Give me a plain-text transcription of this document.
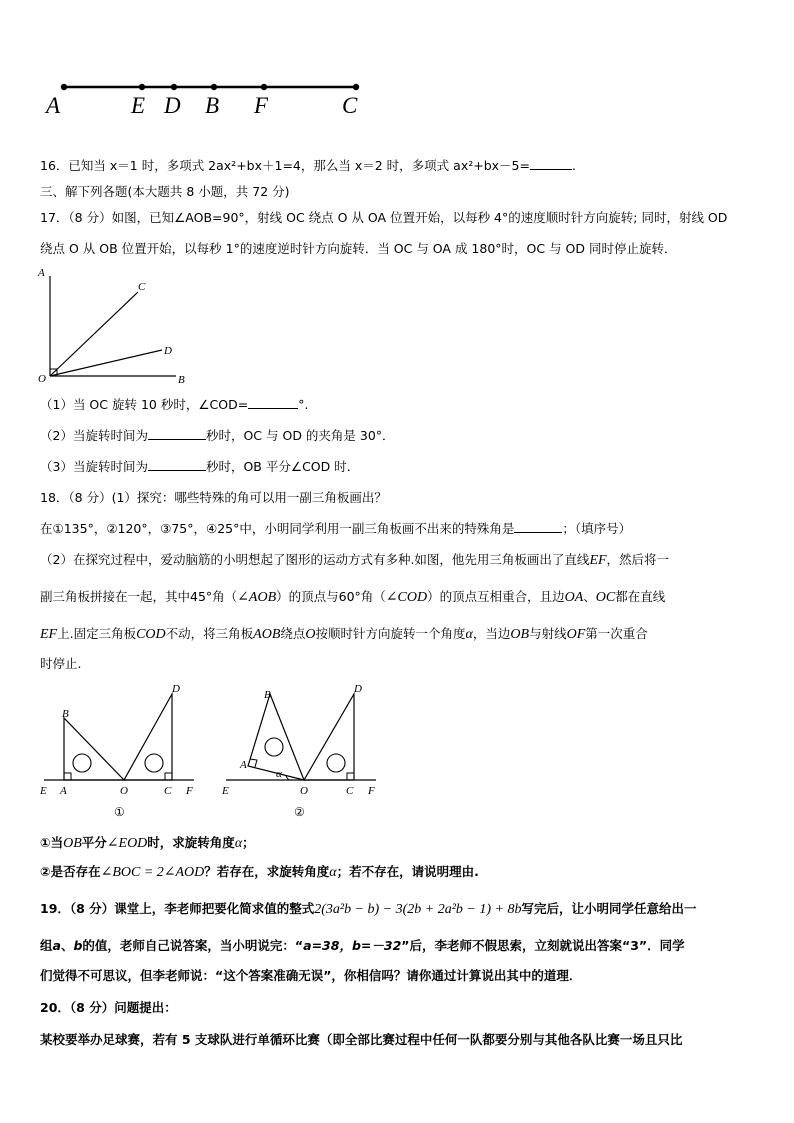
A	E D B F	C
16．已知当 x＝1 时，多项式 2ax²+bx＋1=4，那么当 x＝2 时，多项式 ax²+bx－5=	.
三、解下列各题(本大题共 8 小题，共 72 分)
17．（8 分）如图，已知∠AOB=90°，射线 OC 绕点 O 从 OA 位置开始，以每秒 4°的速度顺时针方向旋转; 同时，射线 OD
绕点 O 从 OB 位置开始，以每秒 1°的速度逆时针方向旋转．当 OC 与 OA 成 180°时，OC 与 OD 同时停止旋转．
A
C
D
O	B
（1）当 OC 旋转 10 秒时，∠COD=	°.
（2）当旋转时间为	秒时，OC 与 OD 的夹角是 30°．
（3）当旋转时间为	秒时，OB 平分∠COD 时．
18．（8 分）(1）探究：哪些特殊的角可以用一副三角板画出？
在①135°，②120°，③75°，④25°中，小明同学利用一副三角板画不出来的特殊角是	；（填序号）
（2）在探究过程中，爱动脑筋的小明想起了图形的运动方式有多种.如图，他先用三角板画出了直线EF，然后将一
副三角板拼接在一起，其中45°角（∠AOB）的顶点与60°角（∠COD）的顶点互相重合，且边OA、OC都在直线
EF上.固定三角板COD不动，将三角板AOB绕点O按顺时针方向旋转一个角度α，当边OB与射线OF第一次重合
时停止.
B
D
E A	O	C F
①
B	D
A
α
E	O	C F
②
①当OB平分∠EOD时，求旋转角度α；
②是否存在∠BOC = 2∠AOD？若存在，求旋转角度α；若不存在，请说明理由.
19．（8 分）课堂上，李老师把要化简求值的整式2(3a²b − b) − 3(2b + 2a²b − 1) + 8b写完后，让小明同学任意给出一
组a、b的值，老师自己说答案，当小明说完：“a=38，b=－32”后，李老师不假思索，立刻就说出答案“3”．同学
们觉得不可思议，但李老师说：“这个答案准确无误”，你相信吗？请你通过计算说出其中的道理．
20．（8 分）问题提出：
某校要举办足球赛，若有 5 支球队进行单循环比赛（即全部比赛过程中任何一队都要分别与其他各队比赛一场且只比
